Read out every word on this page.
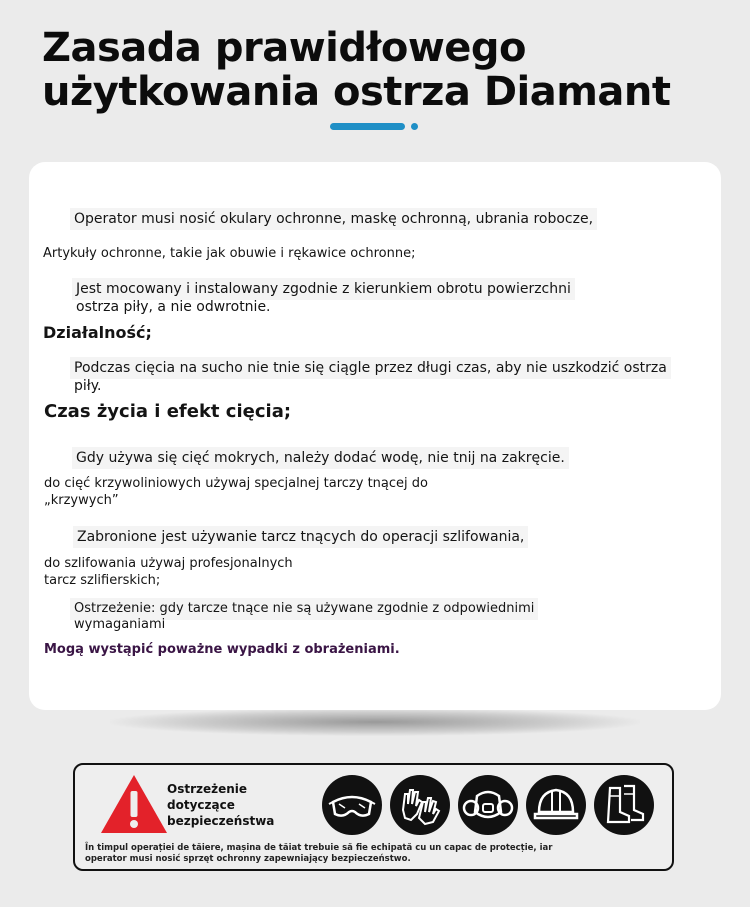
Zasada prawidłowego
użytkowania ostrza Diamant
Operator musi nosić okulary ochronne, maskę ochronną, ubrania robocze,
Artykuły ochronne, takie jak obuwie i rękawice ochronne;
Jest mocowany i instalowany zgodnie z kierunkiem obrotu powierzchni
ostrza piły, a nie odwrotnie.
Działalność;
Podczas cięcia na sucho nie tnie się ciągle przez długi czas, aby nie uszkodzić ostrza
piły.
Czas życia i efekt cięcia;
Gdy używa się cięć mokrych, należy dodać wodę, nie tnij na zakręcie.
do cięć krzywoliniowych używaj specjalnej tarczy tnącej do
„krzywych”
Zabronione jest używanie tarcz tnących do operacji szlifowania,
do szlifowania używaj profesjonalnych
tarcz szlifierskich;
Ostrzeżenie: gdy tarcze tnące nie są używane zgodnie z odpowiednimi
wymaganiami
Mogą wystąpić poważne wypadki z obrażeniami.
Ostrzeżenie
dotyczące
bezpieczeństwa
În timpul operației de tăiere, mașina de tăiat trebuie să fie echipată cu un capac de protecție, iar
operator musi nosić sprzęt ochronny zapewniający bezpieczeństwo.
